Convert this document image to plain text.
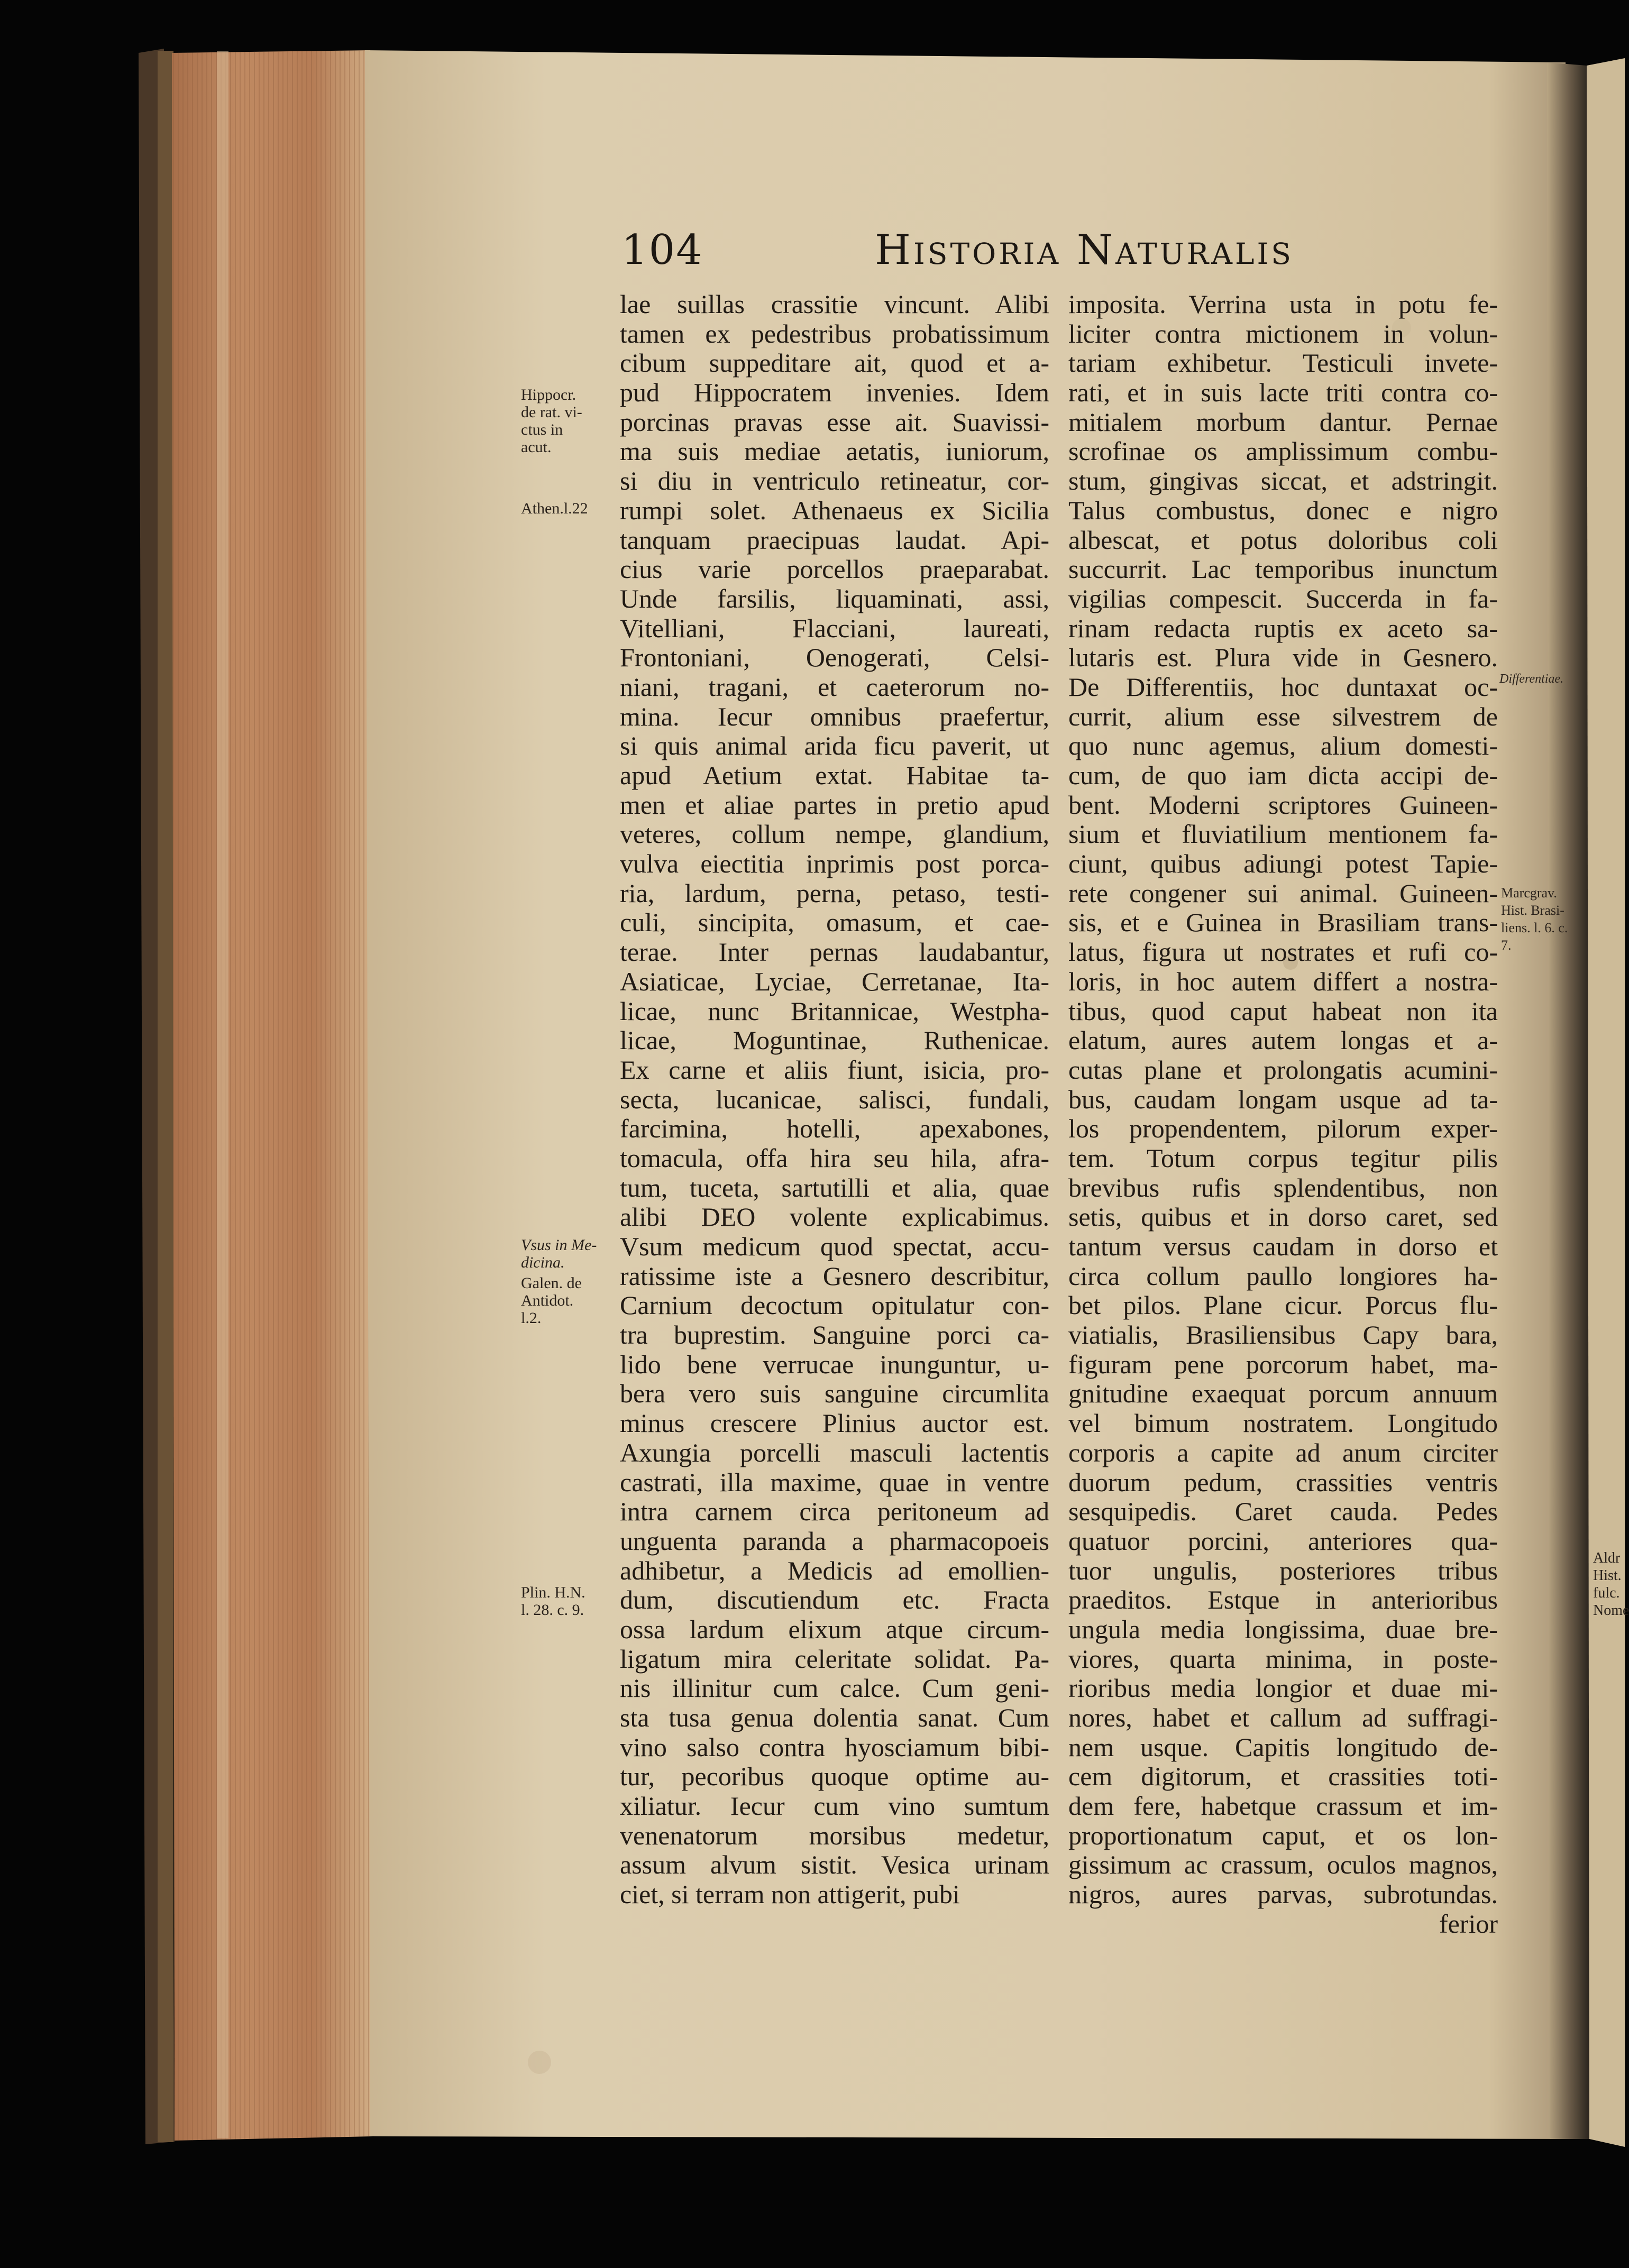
104	Historia Naturalis
Hippocr.
de rat. vi-
ctus in
acut.
Athen.l.22
Vsus in Me-
dicina.
Galen. de
Antidot.
l.2.
Plin. H.N.
l. 28. c. 9.
lae suillas crassitie vincunt. Alibi
tamen ex pedestribus probatissimum
cibum suppeditare ait, quod et a-
pud Hippocratem invenies. Idem
porcinas pravas esse ait. Suavissi-
ma suis mediae aetatis, iuniorum,
si diu in ventriculo retineatur, cor-
rumpi solet. Athenaeus ex Sicilia
tanquam praecipuas laudat. Api-
cius varie porcellos praeparabat.
Unde farsilis, liquaminati, assi,
Vitelliani, Flacciani, laureati,
Frontoniani, Oenogerati, Celsi-
niani, tragani, et caeterorum no-
mina. Iecur omnibus praefertur,
si quis animal arida ficu paverit, ut
apud Aetium extat. Habitae ta-
men et aliae partes in pretio apud
veteres, collum nempe, glandium,
vulva eiectitia inprimis post porca-
ria, lardum, perna, petaso, testi-
culi, sincipita, omasum, et cae-
terae. Inter pernas laudabantur,
Asiaticae, Lyciae, Cerretanae, Ita-
licae, nunc Britannicae, Westpha-
licae, Moguntinae, Ruthenicae.
Ex carne et aliis fiunt, isicia, pro-
secta, lucanicae, salisci, fundali,
farcimina, hotelli, apexabones,
tomacula, offa hira seu hila, afra-
tum, tuceta, sartutilli et alia, quae
alibi DEO volente explicabimus.
Vsum medicum quod spectat, accu-
ratissime iste a Gesnero describitur,
Carnium decoctum opitulatur con-
tra buprestim. Sanguine porci ca-
lido bene verrucae inunguntur, u-
bera vero suis sanguine circumlita
minus crescere Plinius auctor est.
Axungia porcelli masculi lactentis
castrati, illa maxime, quae in ventre
intra carnem circa peritoneum ad
unguenta paranda a pharmacopoeis
adhibetur, a Medicis ad emollien-
dum, discutiendum etc. Fracta
ossa lardum elixum atque circum-
ligatum mira celeritate solidat. Pa-
nis illinitur cum calce. Cum geni-
sta tusa genua dolentia sanat. Cum
vino salso contra hyosciamum bibi-
tur, pecoribus quoque optime au-
xiliatur. Iecur cum vino sumtum
venenatorum morsibus medetur,
assum alvum sistit. Vesica urinam
ciet, si terram non attigerit, pubi
imposita. Verrina usta in potu fe-
liciter contra mictionem in volun-
tariam exhibetur. Testiculi invete-
rati, et in suis lacte triti contra co-
mitialem morbum dantur. Pernae
scrofinae os amplissimum combu-
stum, gingivas siccat, et adstringit.
Talus combustus, donec e nigro
albescat, et potus doloribus coli
succurrit. Lac temporibus inunctum
vigilias compescit. Succerda in fa-
rinam redacta ruptis ex aceto sa-
lutaris est. Plura vide in Gesnero.
De Differentiis, hoc duntaxat oc-
currit, alium esse silvestrem de
quo nunc agemus, alium domesti-
cum, de quo iam dicta accipi de-
bent. Moderni scriptores Guineen-
sium et fluviatilium mentionem fa-
ciunt, quibus adiungi potest Tapie-
rete congener sui animal. Guineen-
sis, et e Guinea in Brasiliam trans-
latus, figura ut nostrates et rufi co-
loris, in hoc autem differt a nostra-
tibus, quod caput habeat non ita
elatum, aures autem longas et a-
cutas plane et prolongatis acumini-
bus, caudam longam usque ad ta-
los propendentem, pilorum exper-
tem. Totum corpus tegitur pilis
brevibus rufis splendentibus, non
setis, quibus et in dorso caret, sed
tantum versus caudam in dorso et
circa collum paullo longiores ha-
bet pilos. Plane cicur. Porcus flu-
viatialis, Brasiliensibus Capy bara,
figuram pene porcorum habet, ma-
gnitudine exaequat porcum annuum
vel bimum nostratem. Longitudo
corporis a capite ad anum circiter
duorum pedum, crassities ventris
sesquipedis. Caret cauda. Pedes
quatuor porcini, anteriores qua-
tuor ungulis, posteriores tribus
praeditos. Estque in anterioribus
ungula media longissima, duae bre-
viores, quarta minima, in poste-
rioribus media longior et duae mi-
nores, habet et callum ad suffragi-
nem usque. Capitis longitudo de-
cem digitorum, et crassities toti-
dem fere, habetque crassum et im-
proportionatum caput, et os lon-
gissimum ac crassum, oculos magnos,
nigros, aures parvas, subrotundas.
ferior
Differentiae.
Marcgrav.
Hist. Brasi-
liens. l. 6. c.
7.
Aldr
Hist.
fulc.
Nome
